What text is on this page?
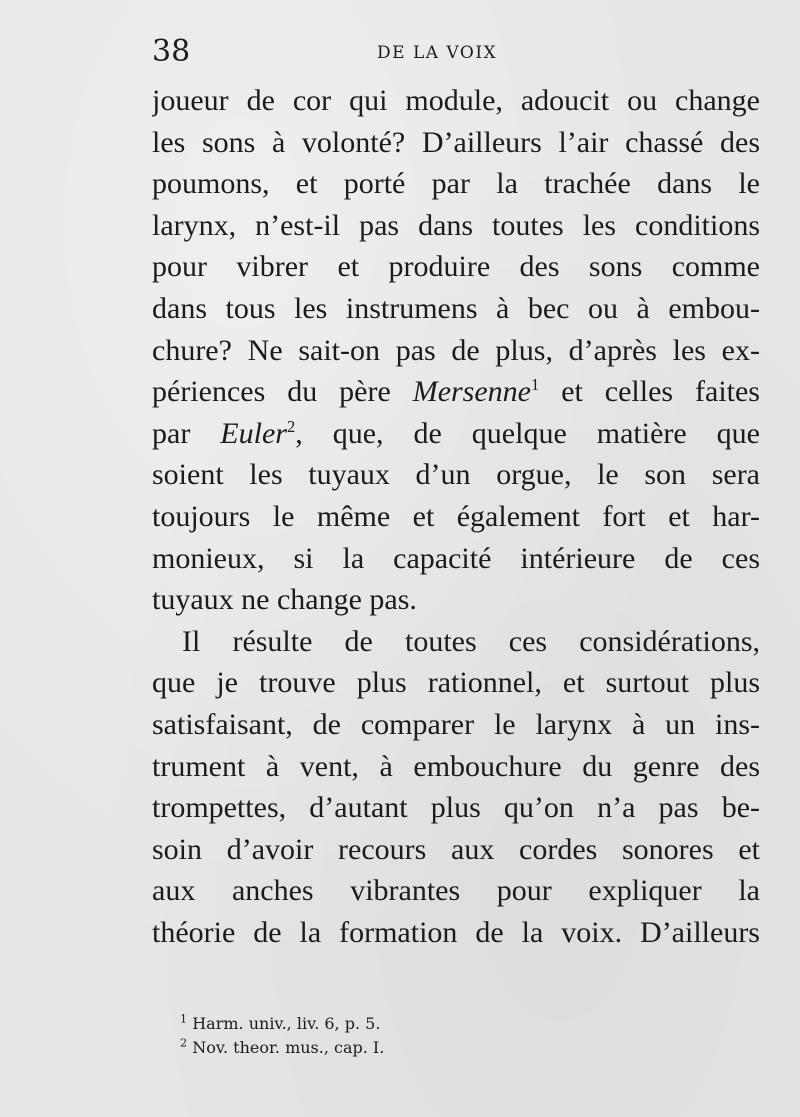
38	DE LA VOIX
joueur de cor qui module, adoucit ou change
les sons à volonté? D’ailleurs l’air chassé des
poumons, et porté par la trachée dans le
larynx, n’est-il pas dans toutes les conditions
pour vibrer et produire des sons comme
dans tous les instrumens à bec ou à embou-
chure? Ne sait-on pas de plus, d’après les ex-
périences du père Mersenne$^1$ et celles faites
par Euler$^2$, que, de quelque matière que
soient les tuyaux d’un orgue, le son sera
toujours le même et également fort et har-
monieux, si la capacité intérieure de ces
tuyaux ne change pas.
Il résulte de toutes ces considérations,
que je trouve plus rationnel, et surtout plus
satisfaisant, de comparer le larynx à un ins-
trument à vent, à embouchure du genre des
trompettes, d’autant plus qu’on n’a pas be-
soin d’avoir recours aux cordes sonores et
aux anches vibrantes pour expliquer la
théorie de la formation de la voix. D’ailleurs
$^1$ Harm. univ., liv. 6, p. 5.
$^2$ Nov. theor. mus., cap. I.
